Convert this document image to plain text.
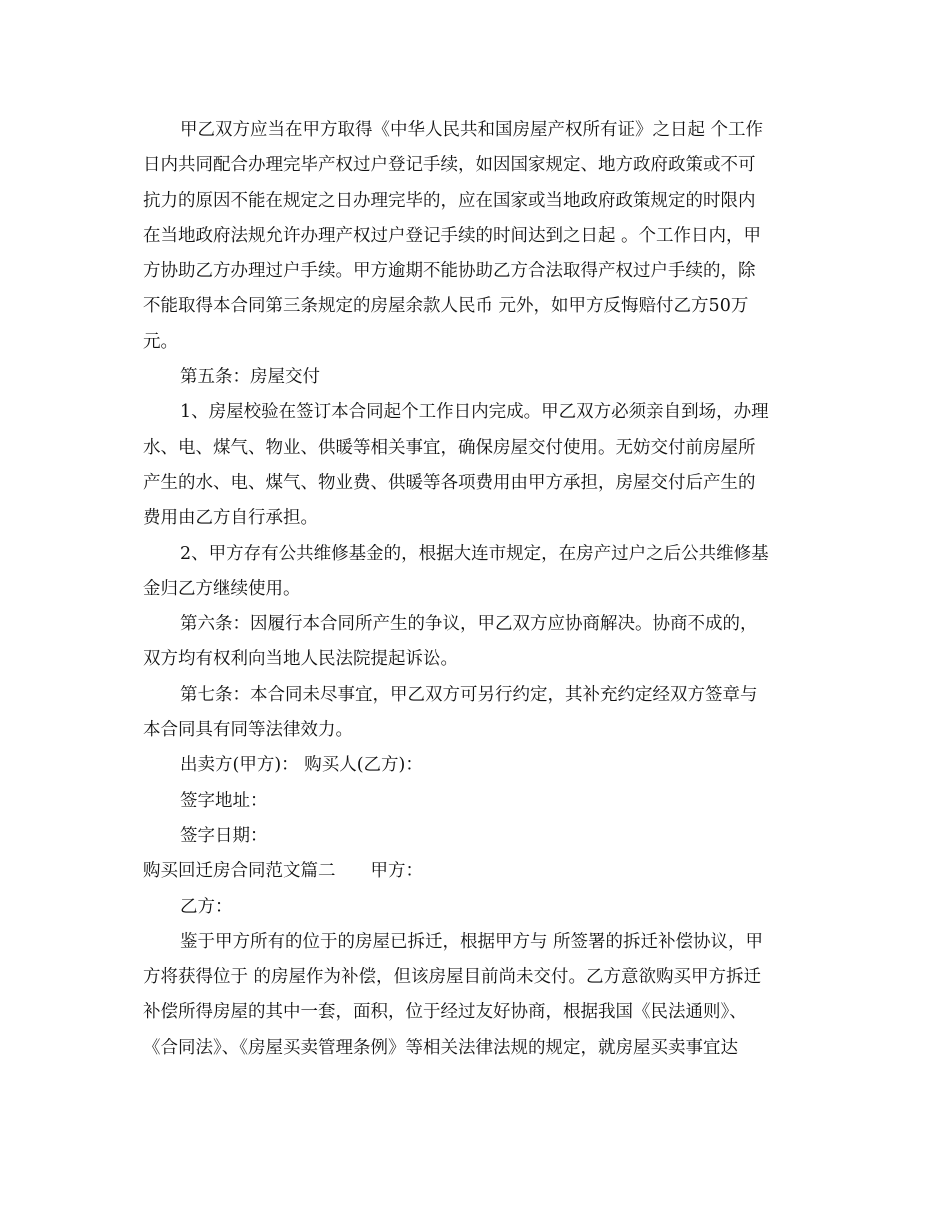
甲乙双方应当在甲方取得《中华人民共和国房屋产权所有证》之日起 个工作
日内共同配合办理完毕产权过户登记手续，如因国家规定、地方政府政策或不可
抗力的原因不能在规定之日办理完毕的，应在国家或当地政府政策规定的时限内
在当地政府法规允许办理产权过户登记手续的时间达到之日起 。个工作日内，甲
方协助乙方办理过户手续。甲方逾期不能协助乙方合法取得产权过户手续的，除
不能取得本合同第三条规定的房屋余款人民币 元外，如甲方反悔赔付乙方50万
元。
第五条：房屋交付
1、房屋校验在签订本合同起个工作日内完成。甲乙双方必须亲自到场，办理
水、电、煤气、物业、供暖等相关事宜，确保房屋交付使用。无妨交付前房屋所
产生的水、电、煤气、物业费、供暖等各项费用由甲方承担，房屋交付后产生的
费用由乙方自行承担。
2、甲方存有公共维修基金的，根据大连市规定，在房产过户之后公共维修基
金归乙方继续使用。
第六条：因履行本合同所产生的争议，甲乙双方应协商解决。协商不成的，
双方均有权利向当地人民法院提起诉讼。
第七条：本合同未尽事宜，甲乙双方可另行约定，其补充约定经双方签章与
本合同具有同等法律效力。
出卖方(甲方)： 购买人(乙方)：
签字地址：
签字日期：
购买回迁房合同范文篇二　　甲方：
乙方：
鉴于甲方所有的位于的房屋已拆迁，根据甲方与 所签署的拆迁补偿协议，甲
方将获得位于 的房屋作为补偿，但该房屋目前尚未交付。乙方意欲购买甲方拆迁
补偿所得房屋的其中一套，面积，位于经过友好协商，根据我国《民法通则》、
《合同法》、《房屋买卖管理条例》等相关法律法规的规定，就房屋买卖事宜达
